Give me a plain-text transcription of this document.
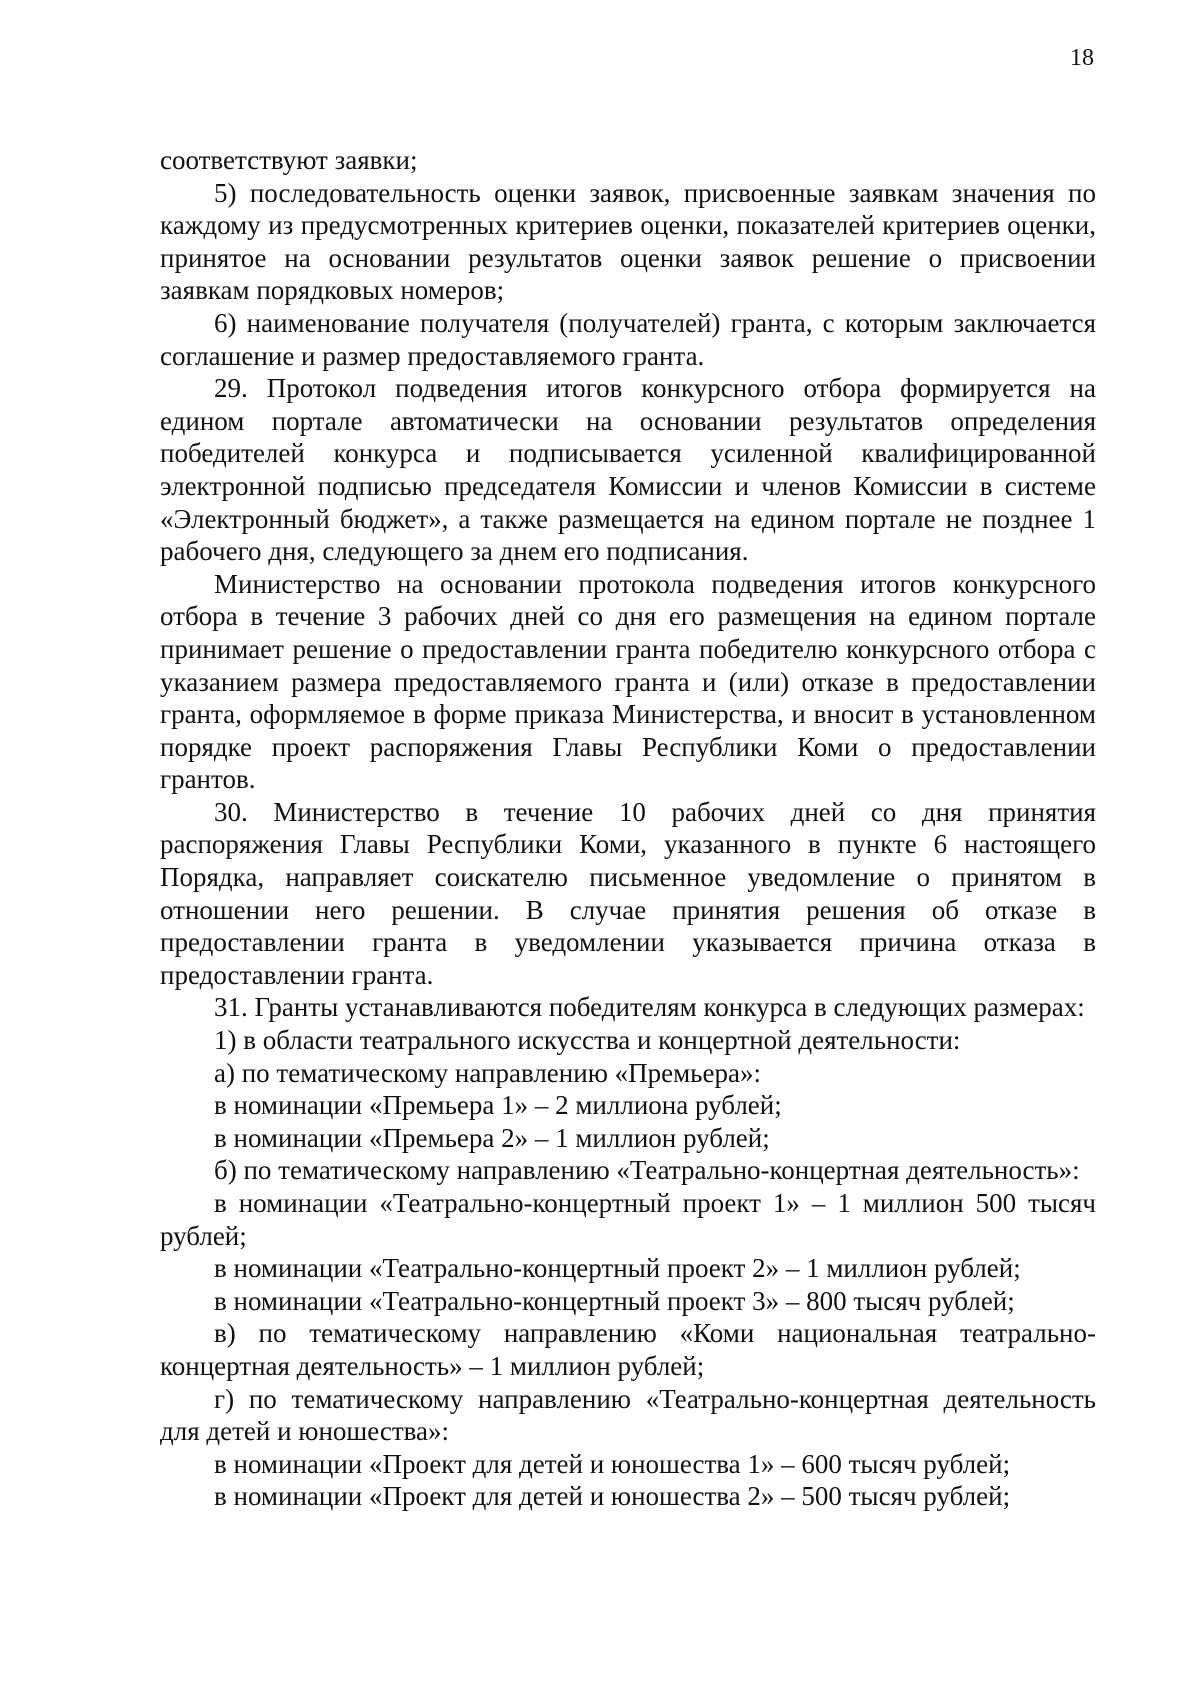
18

соответствуют заявки;

5) последовательность оценки заявок, присвоенные заявкам значения по каждому из предусмотренных критериев оценки, показателей критериев оценки, принятое на основании результатов оценки заявок решение о присвоении заявкам порядковых номеров;

6) наименование получателя (получателей) гранта, с которым заключается соглашение и размер предоставляемого гранта.

29. Протокол подведения итогов конкурсного отбора формируется на едином портале автоматически на основании результатов определения победителей конкурса и подписывается усиленной квалифицированной электронной подписью председателя Комиссии и членов Комиссии в системе «Электронный бюджет», а также размещается на едином портале не позднее 1 рабочего дня, следующего за днем его подписания.

Министерство на основании протокола подведения итогов конкурсного отбора в течение 3 рабочих дней со дня его размещения на едином портале принимает решение о предоставлении гранта победителю конкурсного отбора с указанием размера предоставляемого гранта и (или) отказе в предоставлении гранта, оформляемое в форме приказа Министерства, и вносит в установленном порядке проект распоряжения Главы Республики Коми о предоставлении грантов.

30. Министерство в течение 10 рабочих дней со дня принятия распоряжения Главы Республики Коми, указанного в пункте 6 настоящего Порядка, направляет соискателю письменное уведомление о принятом в отношении него решении. В случае принятия решения об отказе в предоставлении гранта в уведомлении указывается причина отказа в предоставлении гранта.

31. Гранты устанавливаются победителям конкурса в следующих размерах:

1) в области театрального искусства и концертной деятельности:

а) по тематическому направлению «Премьера»:

в номинации «Премьера 1» – 2 миллиона рублей;

в номинации «Премьера 2» – 1 миллион рублей;

б) по тематическому направлению «Театрально-концертная деятельность»:

в номинации «Театрально-концертный проект 1» – 1 миллион 500 тысяч рублей;

в номинации «Театрально-концертный проект 2» – 1 миллион рублей;

в номинации «Театрально-концертный проект 3» – 800 тысяч рублей;

в) по тематическому направлению «Коми национальная театрально-концертная деятельность» – 1 миллион рублей;

г) по тематическому направлению «Театрально-концертная деятельность для детей и юношества»:

в номинации «Проект для детей и юношества 1» – 600 тысяч рублей;

в номинации «Проект для детей и юношества 2» – 500 тысяч рублей;
